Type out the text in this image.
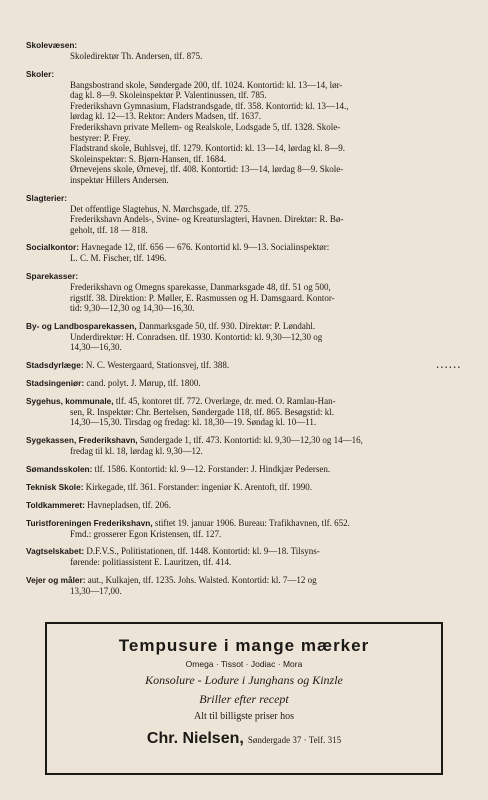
Skolevæsen:
Skoledirektør Th. Andersen, tlf. 875.
Skoler:
Bangsbostrand skole, Søndergade 200, tlf. 1024. Kontortid: kl. 13—14, lør-
dag kl. 8—9. Skoleinspektør P. Valentinussen, tlf. 785.
Frederikshavn Gymnasium, Fladstrandsgade, tlf. 358. Kontortid: kl. 13—14.,
lørdag kl. 12—13. Rektor: Anders Madsen, tlf. 1637.
Frederikshavn private Mellem- og Realskole, Lodsgade 5, tlf. 1328. Skole-
bestyrer: P. Frey.
Fladstrand skole, Buhlsvej, tlf. 1279. Kontortid: kl. 13—14, lørdag kl. 8—9.
Skoleinspektør: S. Bjørn-Hansen, tlf. 1684.
Ørnevejens skole, Ørnevej, tlf. 408. Kontortid: 13—14, lørdag 8—9. Skole-
inspektør Hillers Andersen.
Slagterier:
Det offentlige Slagtehus, N. Mørchsgade, tlf. 275.
Frederikshavn Andels-, Svine- og Kreaturslagteri, Havnen. Direktør: R. Bø-
geholt, tlf. 18 — 818.
Socialkontor: Havnegade 12, tlf. 656 — 676. Kontortid kl. 9—13. Socialinspektør:
L. C. M. Fischer, tlf. 1496.
Sparekasser:
Frederikshavn og Omegns sparekasse, Danmarksgade 48, tlf. 51 og 500,
rigstlf. 38. Direktion: P. Møller, E. Rasmussen og H. Damsgaard. Kontor-
tid: 9,30—12,30 og 14,30—16,30.
By- og Landbosparekassen, Danmarksgade 50, tlf. 930. Direktør: P. Løndahl.
Underdirektør: H. Conradsen. tlf. 1930. Kontortid: kl. 9,30—12,30 og
14,30—16,30.
Stadsdyrlæge: N. C. Westergaard, Stationsvej, tlf. 388.	......
Stadsingeniør: cand. polyt. J. Mørup, tlf. 1800.
Sygehus, kommunale, tlf. 45, kontoret tlf. 772. Overlæge, dr. med. O. Ramlau-Han-
sen, R. Inspektør: Chr. Bertelsen, Søndergade 118, tlf. 865. Besøgstid: kl.
14,30—15,30. Tirsdag og fredag: kl. 18,30—19. Søndag kl. 10—11.
Sygekassen, Frederikshavn, Søndergade 1, tlf. 473. Kontortid: kl. 9,30—12,30 og 14—16,
fredag til kl. 18, lørdag kl. 9,30—12.
Sømandsskolen: tlf. 1586. Kontortid: kl. 9—12. Forstander: J. Hindkjær Pedersen.
Teknisk Skole: Kirkegade, tlf. 361. Forstander: ingeniør K. Arentoft, tlf. 1990.
Toldkammeret: Havnepladsen, tlf. 206.
Turistforeningen Frederikshavn, stiftet 19. januar 1906. Bureau: Trafikhavnen, tlf. 652.
Fmd.: grosserer Egon Kristensen, tlf. 127.
Vagtselskabet: D.F.V.S., Politistationen, tlf. 1448. Kontortid: kl. 9—18. Tilsyns-
førende: politiassistent E. Lauritzen, tlf. 414.
Vejer og måler: aut., Kulkajen, tlf. 1235. Johs. Walsted. Kontortid: kl. 7—12 og
13,30—17,00.
Tempusure i mange mærker
Omega · Tissot · Jodiac · Mora
Konsolure - Lodure i Junghans og Kinzle
Briller efter recept
Alt til billigste priser hos
Chr. Nielsen, Søndergade 37 · Telf. 315
